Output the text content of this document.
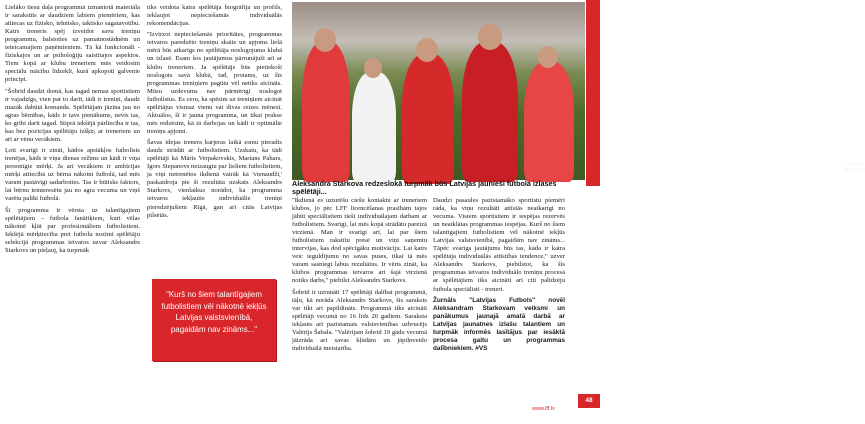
Lielāko tiesu daļa programmā izmantotā materiāla ir sarakstīts ar daudziem labiem piemēriem, kas attiecas uz fizisko, tehnisko, taktisko sagatavotību. Katrs treneris spēj izveidot savu treniņu programmu, balstoties uz pamatnostādnēm un ieteicamajiem paņēmieniem. Tā kā funkcionāli - fiziskajos un ar psiholoģiju saistītajos aspektos. Tiem kopā ar klubu treneriem mēs veidosim speciālu mācību līdzekli, kurā apkopoti galvenie principi.

"Šobrīd daudzi domā, kas tagad nemaz sportistiem ir vajadzīgs, vien par to darīt, tādi ir treniņi, daudz mazāk dabūtā komanda. Spēlētājam jāzina jau no agras bērnības, kāds ir tavs pienākums, nevis tas, ko gribi darīt tagad. Stiprā iekšējā pārliecība ir tas, kas bez pozīcijas spēlētāju izšķir, ar treneriem un arī ar vēnu vecākiem.

Ļoti svarīgi ir zināt, kādos apstākļos futbolists trenējas, kāds ir viņa dienas režīms un kādi ir viņa personīgie mērķi. Ja ari vecākiem ir ambīcijas mērķi attiecībā uz bērna nākotni futbolā, tad mēs varam pastāvīgi sadarboties. Tas ir būtisks faktors, lai bērnu ieinteresētu jau no agra vecuma un viņš varētu palikt futbolā.

Šī programma ir vērsta uz talantīgajiem spēlētājiem – futbola fanātiķiem, kuri vēlas nākotnē kļūt par profesionāliem futbolistiem. Iekšējā mērķtiecība pret futbolu nozīmī spēlētāju selekcijā programmas ietvaros uzvar Aleksandrs Starkovs un pieļauj, ka turpmāk

tiks veidota katra spēlētāja biogrāfija un profils, ieklaujot nepieciešamās individuālās rekomendācijas.

"Izvirzot nepieciešamās prioritātes, programmas ietvaros paredzēto treniņu skaits un apjoms lielā mērā būs atkarīgs no spēlētāja noslogojuma klubā un izlasē. Esam šos jautājumus pārrunājuši arī ar klubu treneriem. Ja spēlētājs būs pietiekoši noslogots savā klubā, tad, protams, uz šīs programmas treniņiem pagūtu vēl netiks aicināts. Mūsu uzdevums nav pārmērīgi noslogot futbolistus. Es ceru, ka spēsim uz treniņiem aicināt spēlētājus vismaz vienu vai divas reizes mēnesī. Aktuālos, šī ir jauna programma, un tikai prakse mēs redzēsim, kā tā darbojas un kādi ir optimālie treniņu apjomi.

Šavas idejas trenera karjeras laikā esmu pieradis daudz strādāt ar futbolistiem. Uzskatu, ka tādi spēlētāji kā Māris Verpakovskis, Marians Pahars, Igors Stepanovs neizaugtu par lieliem futbolistiem, ja viņi netrenētos ikdienā vairāk kā 'vienaudži,' paskaidroja pie šī rezultāta uzskats Aleksandrs Starkovs, vienlaikus norādot, ka programma ietvaros iekļautie individuālie treniņi pieredzējušiem Rīgā, gan arī citās Latvijas pilsētās.

"Kurš no šiem talantīgajiem futbolistiem vēl nākotnē iekļūs Latvijas valstsvienībā, pagaidām nav zināms..."
© FOTO: www.lff.lv
Aleksandra Starkova redzeslokā turpmāk būs Latvijas jaunieši futbola izlases spēlētāji...

"Ikdienā es uzturēšu ciešu kontaktu ar treneriem klubos, jo pēc LFF licencēšanas prasībām tajos jābūt speciālistiem tieši individuālajam darbam ar futbolistiem. Svarīgi, lai mēs kopā strādātu pareizā virzienā. Man ir svarīgi arī, lai par šiem futbolistiem rakstītu presē un viņi saņemtu intervijas, kas dod spēcīgāku motivāciju. Lai katrs veic ieguldījumu no savas puses, tikai tā mēs varam sasniegt labus rezultātus. Ir vērts zināt, ka klubos programmas ietvaros ari šajā virzienā notiks darbs," piebilst Aleksandrs Starkovs.

Šobrīd ir uzrunāti 17 spēlētāji dalībai programmā, tāļu, kā norāda Aleksandrs Starkovs, šis saraksts var tikt arī papildināts. Programmā tiks aicināti spēlētāji vecumā no 16 līdz 20 gadiem. Saraksta iekļauts arī pazīstamais valstsvienības uzbrucējs Valērijs Šabala. "Valērijam šobrīd 19 gadu vecumā jāizrāda ari savas kļūdām un jāpilnveido individuālā meistarība.

Daudzi pasaules pazīstamāko sportistu piemēri rāda, ka viņu rezultāti attīstās neatkarīgi no vecuma. Visiem sportistiem ir iespējas rezervēs un neatklātas programmas iespējas. Kurš no šiem talantīgajiem futbolistiem vēl nākotnē iekļūs Latvijas valstsvienībā, pagaidām nav zināms... Tāpēc svarīgs jautājums būs tas, kāda ir katra spēlētāja individuālās attīstības tendence," uzver Aleksandrs Starkovs, piebilstot, ka šīs programmas ietvaros individuālo treniņu procesā ar spēlētājiem tiks aicināti arī citi palīdzēju futbola speciālisti - treneri.

Žurnāls "Latvijas Futbols" novēl Aleksandram Starkovam veiksmi un panākumus jaunajā amatā darbā ar Latvijas jaunatnes izlašu talantiem un turpmāk informēs lasītājus par iesāktā procesa gaitu un programmas dalībniekiem. #VS

www.lff.lv
48
